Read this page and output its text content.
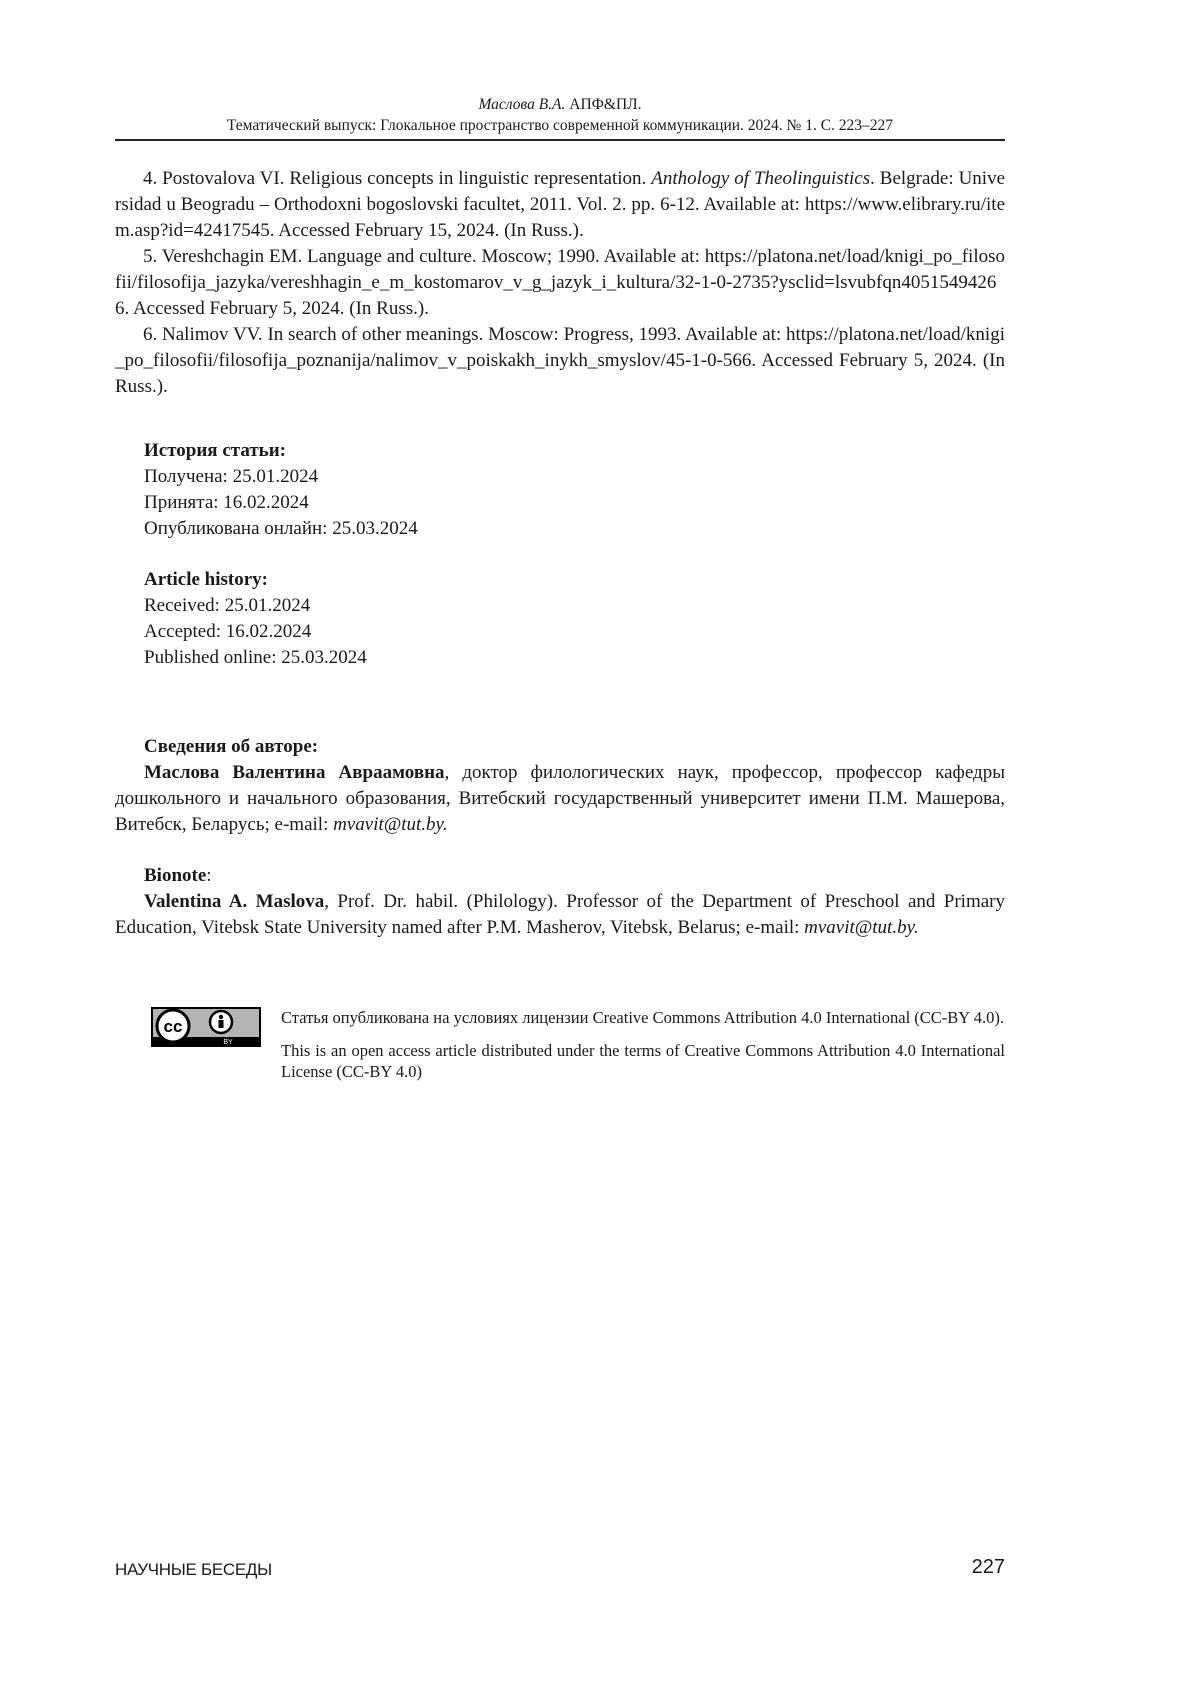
Маслова В.А. АПФ&ПЛ.
Тематический выпуск: Глокальное пространство современной коммуникации. 2024. № 1. С. 223–227

4. Postovalova VI. Religious concepts in linguistic representation. Anthology of Theolinguistics. Belgrade: Universidad u Beogradu – Orthodoxni bogoslovski facultet, 2011. Vol. 2. pp. 6-12. Available at: https://www.elibrary.ru/item.asp?id=42417545. Accessed February 15, 2024. (In Russ.).

5. Vereshchagin EM. Language and culture. Moscow; 1990. Available at: https://platona.net/load/knigi_po_filosofii/filosofija_jazyka/vereshhagin_e_m_kostomarov_v_g_jazyk_i_kultura/32-1-0-2735?ysclid=lsvubfqn40515494266. Accessed February 5, 2024. (In Russ.).

6. Nalimov VV. In search of other meanings. Moscow: Progress, 1993. Available at: https://platona.net/load/knigi_po_filosofii/filosofija_poznanija/nalimov_v_poiskakh_inykh_smyslov/45-1-0-566. Accessed February 5, 2024. (In Russ.).

История статьи:
Получена: 25.01.2024
Принята: 16.02.2024
Опубликована онлайн: 25.03.2024
Article history:
Received: 25.01.2024
Accepted: 16.02.2024
Published online: 25.03.2024
Сведения об авторе:

Маслова Валентина Авраамовна, доктор филологических наук, профессор, профессор кафедры дошкольного и начального образования, Витебский государственный университет имени П.М. Машерова, Витебск, Беларусь; e-mail: mvavit@tut.by.

Bionote:

Valentina A. Maslova, Prof. Dr. habil. (Philology). Professor of the Department of Preschool and Primary Education, Vitebsk State University named after P.M. Masherov, Vitebsk, Belarus; e-mail: mvavit@tut.by.

cc
BY

Статья опубликована на условиях лицензии Creative Commons Attribution 4.0 International (CC-BY 4.0).

This is an open access article distributed under the terms of Creative Commons Attribution 4.0 International License (CC-BY 4.0)

НАУЧНЫЕ БЕСЕДЫ	227
